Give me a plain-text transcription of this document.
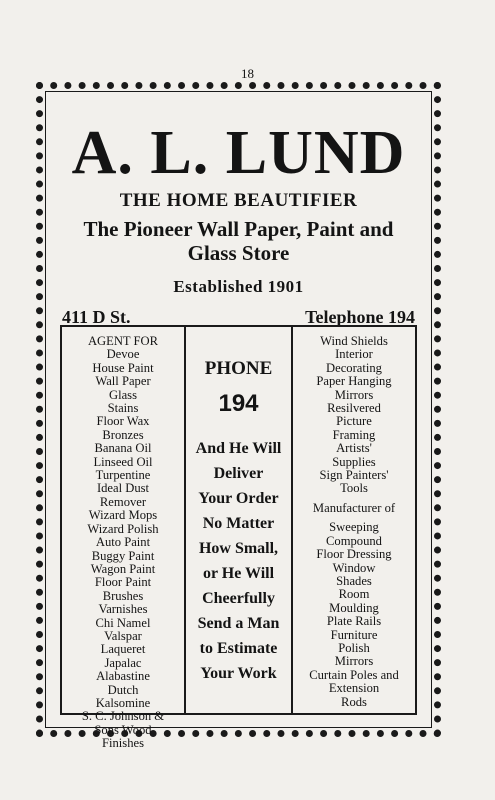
18
A. L. LUND
THE HOME BEAUTIFIER
The Pioneer Wall Paper, Paint and
Glass Store
Established 1901
411 D St.	Telephone 194
AGENT FOR
Devoe
House Paint
Wall Paper
Glass
Stains
Floor Wax
Bronzes
Banana Oil
Linseed Oil
Turpentine
Ideal Dust
Remover
Wizard Mops
Wizard Polish
Auto Paint
Buggy Paint
Wagon Paint
Floor Paint
Brushes
Varnishes
Chi Namel
Valspar
Laqueret
Japalac
Alabastine
Dutch
Kalsomine
S. C. Johnson &
Sons Wood
Finishes
PHONE
194
And He Will
Deliver
Your Order
No Matter
How Small,
or He Will
Cheerfully
Send a Man
to Estimate
Your Work
Wind Shields
Interior
Decorating
Paper Hanging
Mirrors
Resilvered
Picture
Framing
Artists'
Supplies
Sign Painters'
Tools
Manufacturer of
Sweeping
Compound
Floor Dressing
Window
Shades
Room
Moulding
Plate Rails
Furniture
Polish
Mirrors
Curtain Poles and
Extension
Rods
